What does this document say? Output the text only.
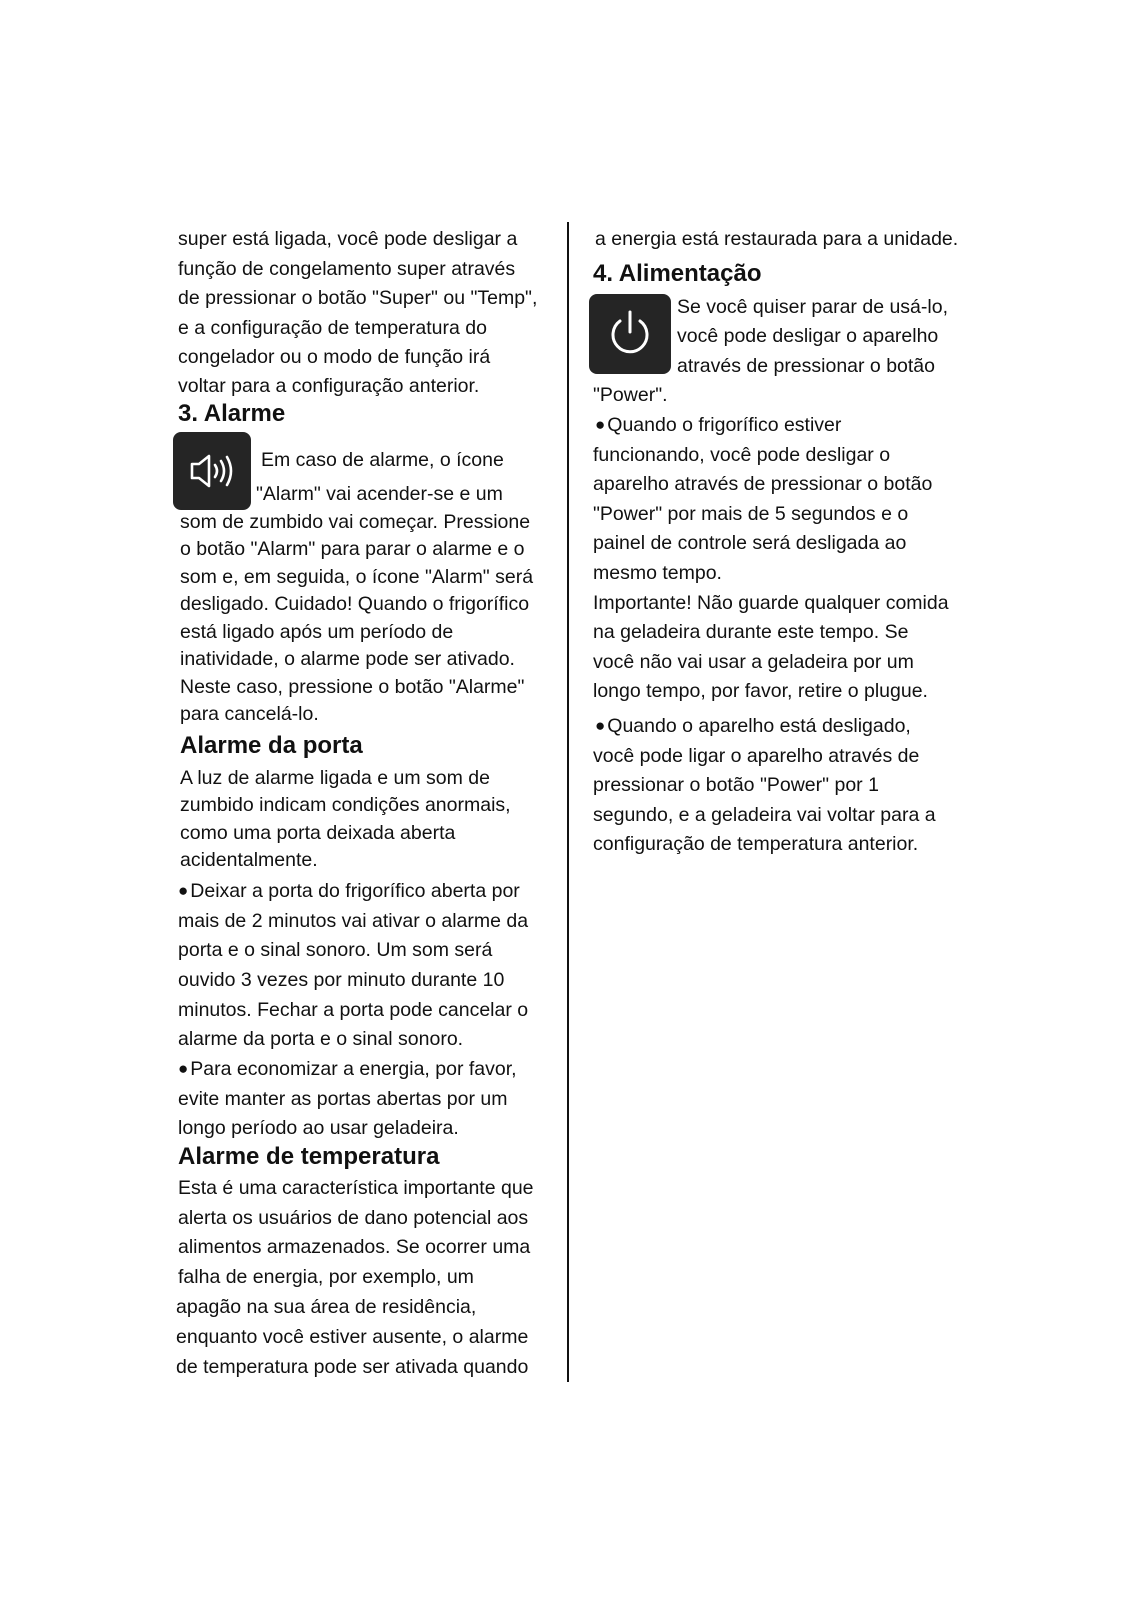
super está ligada, você pode desligar a
função de congelamento super através
de pressionar o botão "Super" ou "Temp",
e a configuração de temperatura do
congelador ou o modo de função irá
voltar para a configuração anterior.
3. Alarme
Em caso de alarme, o ícone
"Alarm" vai acender-se e um
som de zumbido vai começar. Pressione
o botão "Alarm" para parar o alarme e o
som e, em seguida, o ícone "Alarm" será
desligado. Cuidado! Quando o frigorífico
está ligado após um período de
inatividade, o alarme pode ser ativado.
Neste caso, pressione o botão "Alarme"
para cancelá-lo.
Alarme da porta
A luz de alarme ligada e um som de
zumbido indicam condições anormais,
como uma porta deixada aberta
acidentalmente.
● Deixar a porta do frigorífico aberta por
mais de 2 minutos vai ativar o alarme da
porta e o sinal sonoro. Um som será
ouvido 3 vezes por minuto durante 10
minutos. Fechar a porta pode cancelar o
alarme da porta e o sinal sonoro.
● Para economizar a energia, por favor,
evite manter as portas abertas por um
longo período ao usar geladeira.
Alarme de temperatura
Esta é uma característica importante que
alerta os usuários de dano potencial aos
alimentos armazenados. Se ocorrer uma
falha de energia, por exemplo, um
apagão na sua área de residência,
enquanto você estiver ausente, o alarme
de temperatura pode ser ativada quando
a energia está restaurada para a unidade.
4. Alimentação
Se você quiser parar de usá-lo,
você pode desligar o aparelho
através de pressionar o botão
"Power".
● Quando o frigorífico estiver
funcionando, você pode desligar o
aparelho através de pressionar o botão
"Power" por mais de 5 segundos e o
painel de controle será desligada ao
mesmo tempo.
Importante! Não guarde qualquer comida
na geladeira durante este tempo. Se
você não vai usar a geladeira por um
longo tempo, por favor, retire o plugue.
● Quando o aparelho está desligado,
você pode ligar o aparelho através de
pressionar o botão "Power" por 1
segundo, e a geladeira vai voltar para a
configuração de temperatura anterior.
